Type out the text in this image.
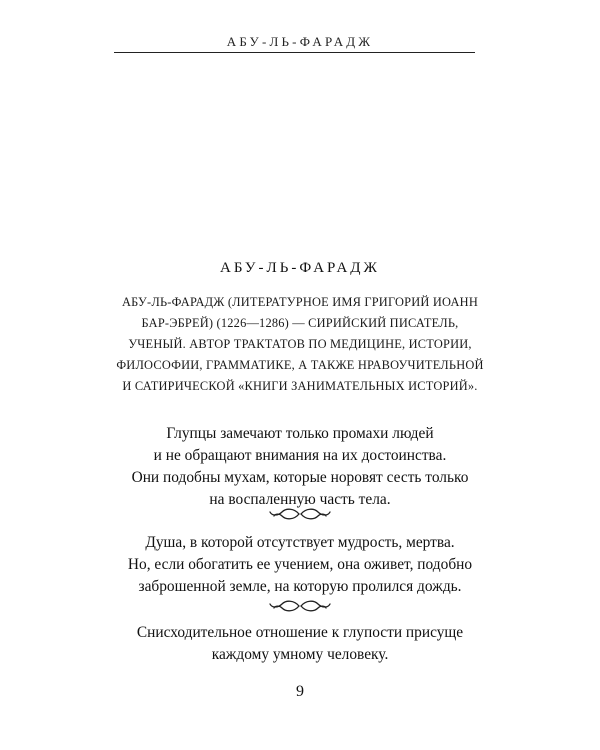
АБУ-ЛЬ-ФАРАДЖ
АБУ-ЛЬ-ФАРАДЖ
АБУ-ЛЬ-ФАРАДЖ (ЛИТЕРАТУРНОЕ ИМЯ ГРИГОРИЙ ИОАНН
БАР-ЭБРЕЙ) (1226—1286) — СИРИЙСКИЙ ПИСАТЕЛЬ,
УЧЕНЫЙ. АВТОР ТРАКТАТОВ ПО МЕДИЦИНЕ, ИСТОРИИ,
ФИЛОСОФИИ, ГРАММАТИКЕ, А ТАКЖЕ НРАВОУЧИТЕЛЬНОЙ
И САТИРИЧЕСКОЙ «КНИГИ ЗАНИМАТЕЛЬНЫХ ИСТОРИЙ».
Глупцы замечают только промахи людей
и не обращают внимания на их достоинства.
Они подобны мухам, которые норовят сесть только
на воспаленную часть тела.
Душа, в которой отсутствует мудрость, мертва.
Но, если обогатить ее учением, она оживет, подобно
заброшенной земле, на которую пролился дождь.
Снисходительное отношение к глупости присуще
каждому умному человеку.
9
